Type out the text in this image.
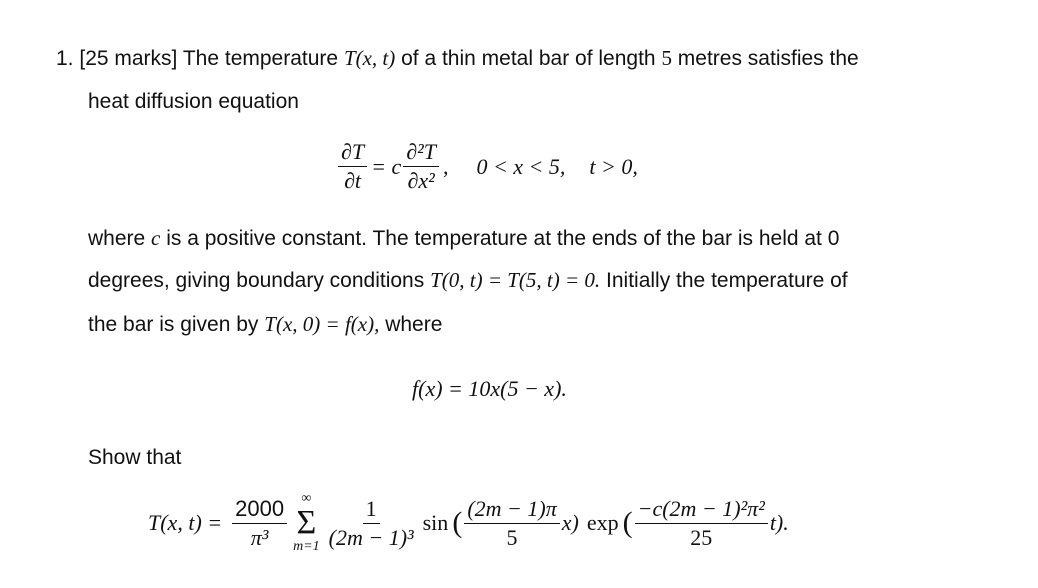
1. [25 marks] The temperature T(x, t) of a thin metal bar of length 5 metres satisfies the
heat diffusion equation
$\frac{\partial T}{\partial t} = c \frac{\text{∂²T}}{\text{∂x²}}$ , 0 < x < 5, t > 0,
where c is a positive constant. The temperature at the ends of the bar is held at 0
degrees, giving boundary conditions T(0, t) = T(5, t) = 0. Initially the temperature of
the bar is given by T(x, 0) = f(x), where
f(x) = 10x(5 − x).
Show that
T(x, $t) = \frac{2000}{\text{π³}}$ ∞
Σ
$m=1 \frac{1}{\text{(2m − 1)³}}$ sin ( $\frac{(2m - 1)\pi}{5} x$) exp ( $\frac{\text{−c(2m − 1)²π²}}{25} t$).
